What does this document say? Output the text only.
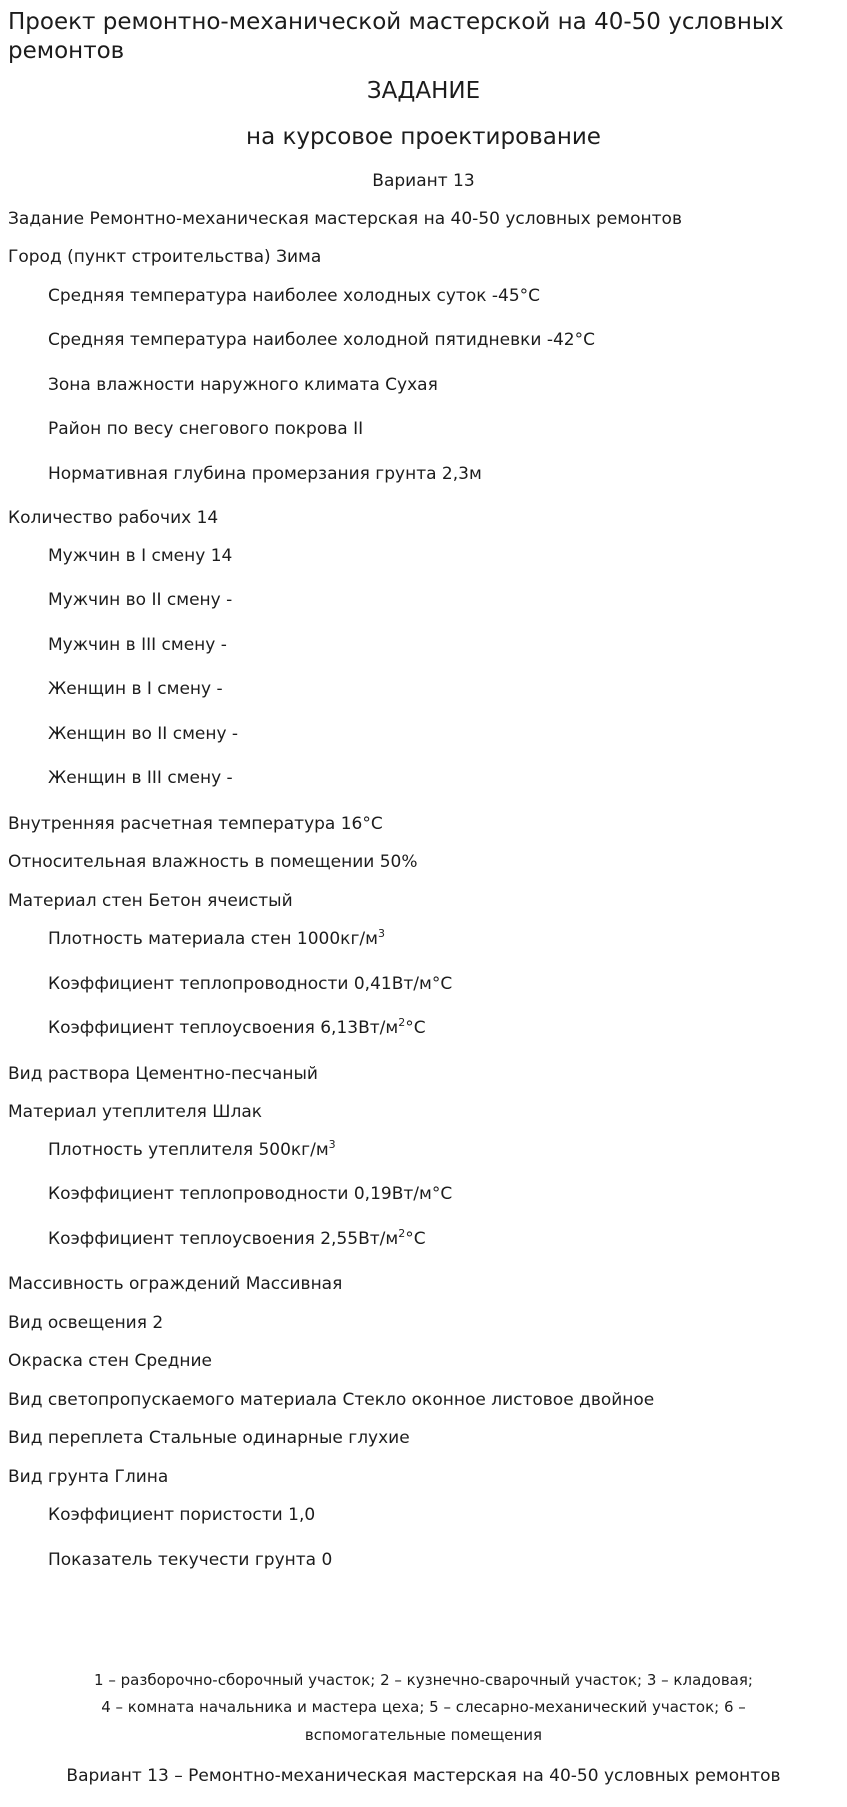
Проект ремонтно-механической мастерской на 40-50 условных ремонтов
ЗАДАНИЕ
на курсовое проектирование
Вариант 13
Задание Ремонтно-механическая мастерская на 40-50 условных ремонтов
Город (пункт строительства) Зима
Средняя температура наиболее холодных суток -45°С
Средняя температура наиболее холодной пятидневки -42°С
Зона влажности наружного климата Сухая
Район по весу снегового покрова II
Нормативная глубина промерзания грунта 2,3м
Количество рабочих 14
Мужчин в I смену 14
Мужчин во II смену -
Мужчин в III смену -
Женщин в I смену -
Женщин во II смену -
Женщин в III смену -
Внутренняя расчетная температура 16°С
Относительная влажность в помещении 50%
Материал стен Бетон ячеистый
Плотность материала стен $1000кг/м^3$
Коэффициент теплопроводности 0,41Вт/м°С
Коэффициент теплоусвоения $6,13Вт/м^2^\circ С$
Вид раствора Цементно-песчаный
Материал утеплителя Шлак
Плотность утеплителя $500кг/м^3$
Коэффициент теплопроводности 0,19Вт/м°С
Коэффициент теплоусвоения $2,55Вт/м^2^\circ С$
Массивность ограждений Массивная
Вид освещения 2
Окраска стен Средние
Вид светопропускаемого материала Стекло оконное листовое двойное
Вид переплета Стальные одинарные глухие
Вид грунта Глина
Коэффициент пористости 1,0
Показатель текучести грунта 0
1 – разборочно-сборочный участок; 2 – кузнечно-сварочный участок; 3 – кладовая;
4 – комната начальника и мастера цеха; 5 – слесарно-механический участок; 6 –
вспомогательные помещения
Вариант 13 – Ремонтно-механическая мастерская на 40-50 условных ремонтов
